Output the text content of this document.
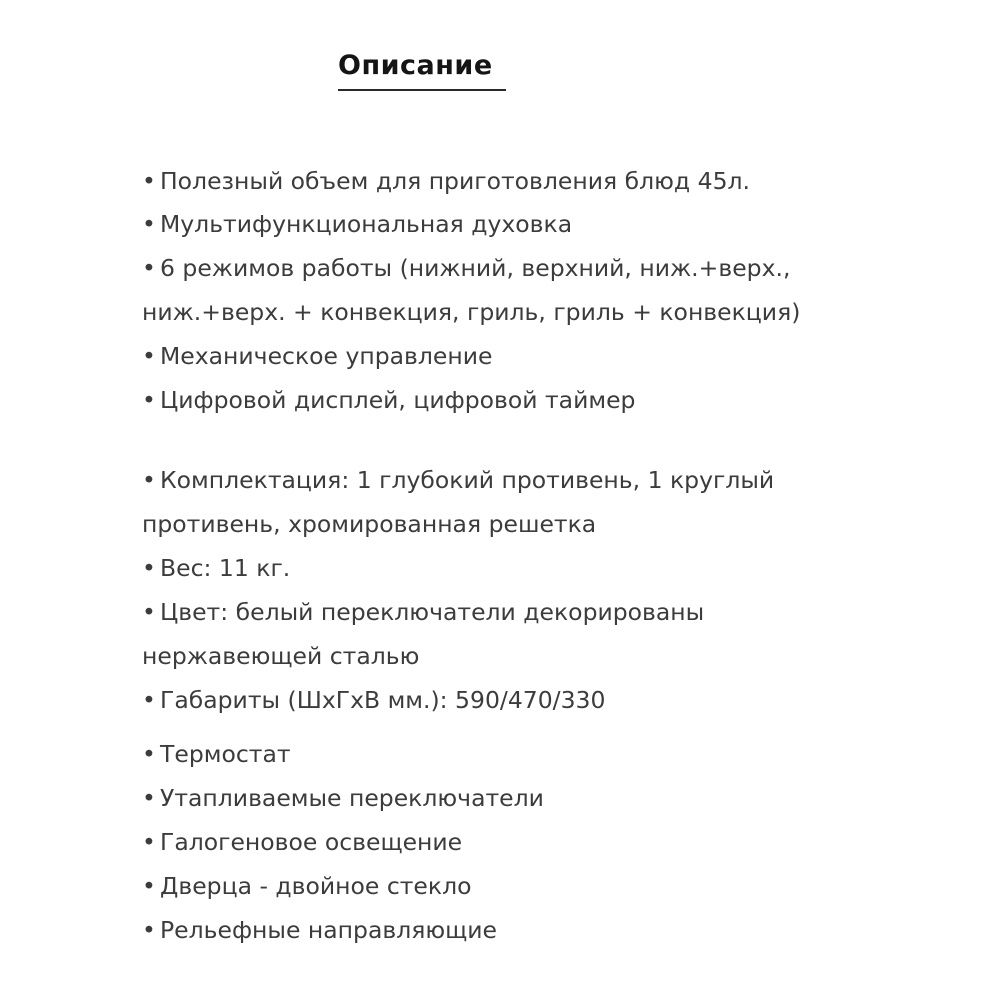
Описание
• Полезный объем для приготовления блюд 45л.
• Мультифункциональная духовка
• 6 режимов работы (нижний, верхний, ниж.+верх.,
ниж.+верх. + конвекция, гриль, гриль + конвекция)
• Механическое управление
• Цифровой дисплей, цифровой таймер
• Комплектация: 1 глубокий противень, 1 круглый
противень, хромированная решетка
• Вес: 11 кг.
• Цвет: белый переключатели декорированы
нержавеющей сталью
• Габариты (ШхГхВ мм.): 590/470/330
• Термостат
• Утапливаемые переключатели
• Галогеновое освещение
• Дверца - двойное стекло
• Рельефные направляющие
